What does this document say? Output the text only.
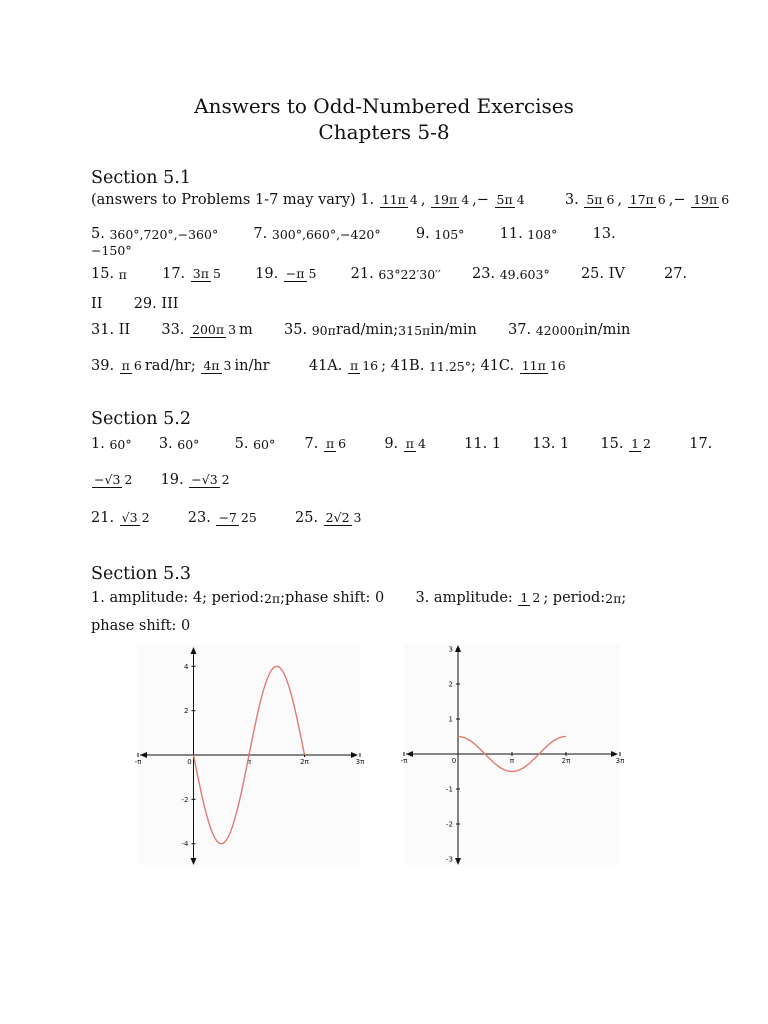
Answers to Odd-Numbered Exercises
Chapters 5-8
Section 5.1
(answers to Problems 1-7 may vary) 1. 11π 4 , 19π 4 ,− 5π 4	3. 5π 6 , 17π 6 ,− 19π 6
5. 360°,720°,−360° 7. 300°,660°,−420° 9. 105° 11. 108° 13.
−150°
15. π 17. 3π 5 19. −π 5 21. 63°22′30′′ 23. 49.603° 25. IV	27.
II 29. III
31. II 33. 200π 3 m 35. 90πrad/min;315πin/min 37. 42000πin/min
39. π 6 rad/hr; 4π 3 in/hr	41A. π 16 ; 41B. 11.25°; 41C. 11π 16
Section 5.2
1. 60° 3. 60° 5. 60° 7. π 6	9. π 4	11. 1 13. 1 15. 1 2	17.
−√3 2 19. −√3 2
21. √3 2	23. −7 25	25. 2√2 3
Section 5.3
1. amplitude: 4; period:2π;phase shift: 0 3. amplitude: 1 2 ; period:2π;
phase shift: 0
-π	0	π	2π	3π
4
2
-2
-4
-π	0	π	2π	3π
3
2
1
-1
-2
-3
